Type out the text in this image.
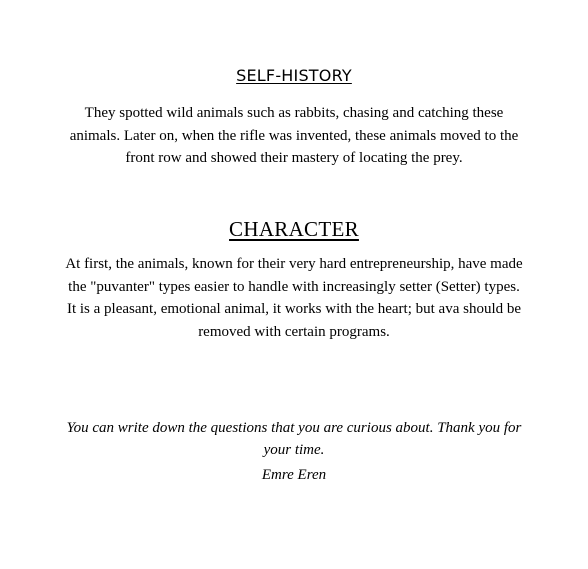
SELF-HISTORY
They spotted wild animals such as rabbits, chasing and catching these animals. Later on, when the rifle was invented, these animals moved to the front row and showed their mastery of locating the prey.
CHARACTER
At first, the animals, known for their very hard entrepreneurship, have made the "puvanter" types easier to handle with increasingly setter (Setter) types. It is a pleasant, emotional animal, it works with the heart; but ava should be removed with certain programs.
You can write down the questions that you are curious about. Thank you for your time.
Emre Eren
